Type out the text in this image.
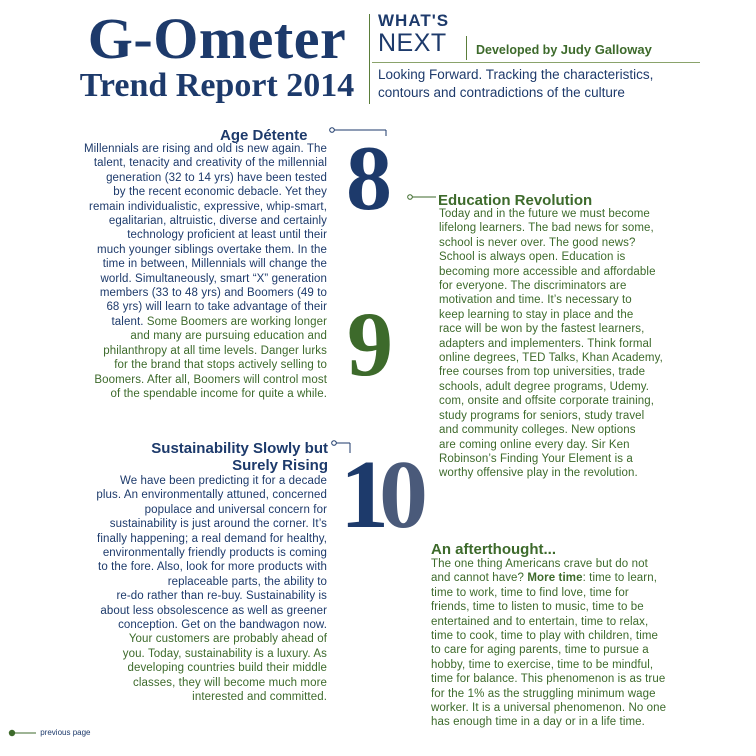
G-Ometer
Trend Report 2014
WHAT'S
NEXT Developed by Judy Galloway
Looking Forward. Tracking the characteristics,
contours and contradictions of the culture
Age Détente 8
Millennials are rising and old is new again. The
talent, tenacity and creativity of the millennial
generation (32 to 14 yrs) have been tested
by the recent economic debacle. Yet they
remain individualistic, expressive, whip-smart,
egalitarian, altruistic, diverse and certainly
technology proficient at least until their
much younger siblings overtake them. In the
time in between, Millennials will change the
world. Simultaneously, smart “X” generation
members (33 to 48 yrs) and Boomers (49 to
68 yrs) will learn to take advantage of their
talent. Some Boomers are working longer
and many are pursuing education and
philanthropy at all time levels. Danger lurks
for the brand that stops actively selling to
Boomers. After all, Boomers will control most
of the spendable income for quite a while.
Education Revolution
9
Today and in the future we must become
lifelong learners. The bad news for some,
school is never over. The good news?
School is always open. Education is
becoming more accessible and affordable
for everyone. The discriminators are
motivation and time. It’s necessary to
keep learning to stay in place and the
race will be won by the fastest learners,
adapters and implementers. Think formal
online degrees, TED Talks, Khan Academy,
free courses from top universities, trade
schools, adult degree programs, Udemy.
com, onsite and offsite corporate training,
study programs for seniors, study travel
and community colleges. New options
are coming online every day. Sir Ken
Robinson’s Finding Your Element is a
worthy offensive play in the revolution.
Sustainability Slowly but
Surely Rising 10
We have been predicting it for a decade
plus. An environmentally attuned, concerned
populace and universal concern for
sustainability is just around the corner. It’s
finally happening; a real demand for healthy,
environmentally friendly products is coming
to the fore. Also, look for more products with
replaceable parts, the ability to
re-do rather than re-buy. Sustainability is
about less obsolescence as well as greener
conception. Get on the bandwagon now.
Your customers are probably ahead of
you. Today, sustainability is a luxury. As
developing countries build their middle
classes, they will become much more
interested and committed.
An afterthought...
The one thing Americans crave but do not
and cannot have? More time: time to learn,
time to work, time to find love, time for
friends, time to listen to music, time to be
entertained and to entertain, time to relax,
time to cook, time to play with children, time
to care for aging parents, time to pursue a
hobby, time to exercise, time to be mindful,
time for balance. This phenomenon is as true
for the 1% as the struggling minimum wage
worker. It is a universal phenomenon. No one
has enough time in a day or in a life time.
previous page
